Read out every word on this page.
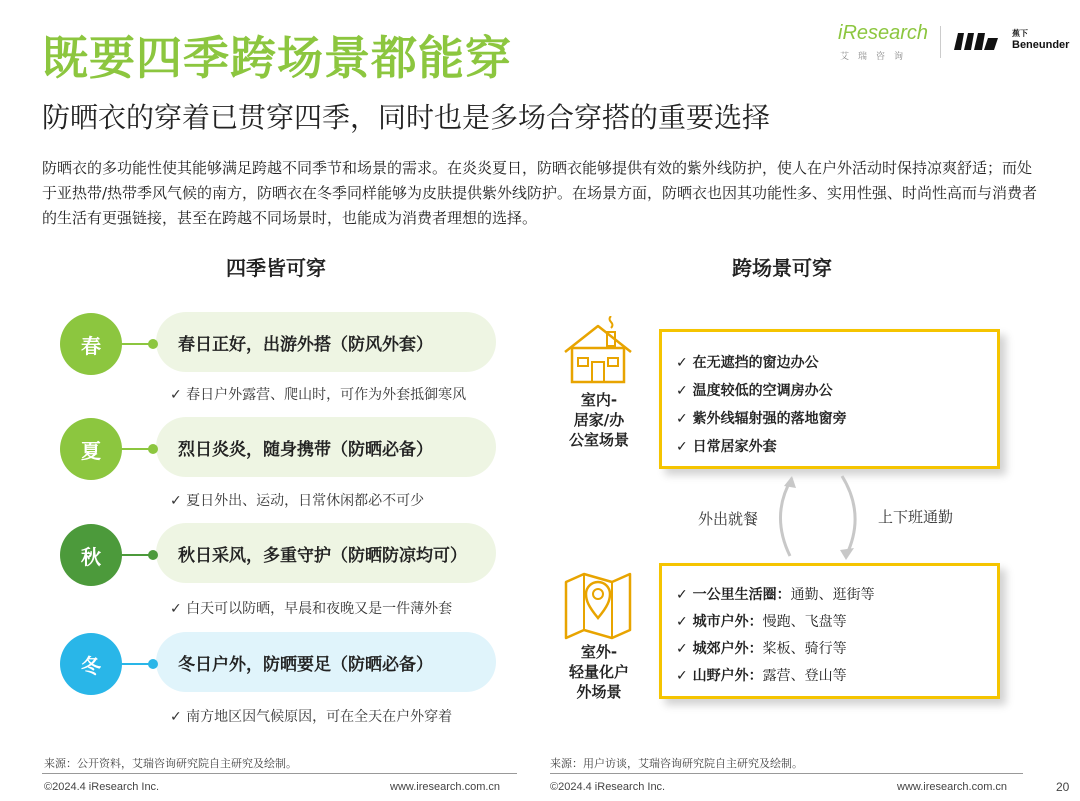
既要四季跨场景都能穿
防晒衣的穿着已贯穿四季，同时也是多场合穿搭的重要选择
防晒衣的多功能性使其能够满足跨越不同季节和场景的需求。在炎炎夏日，防晒衣能够提供有效的紫外线防护，使人在户外活动时保持凉爽舒适；而处于亚热带/热带季风气候的南方，防晒衣在冬季同样能够为皮肤提供紫外线防护。在场景方面，防晒衣也因其功能性多、实用性强、时尚性高而与消费者的生活有更强链接，甚至在跨越不同场景时，也能成为消费者理想的选择。
iResearch
艾瑞咨询
蕉下
Beneunder
四季皆可穿
春日正好，出游外搭（防风外套）
春
✓ 春日户外露营、爬山时，可作为外套抵御寒风
烈日炎炎，随身携带（防晒必备）
夏
✓ 夏日外出、运动，日常休闲都必不可少
秋日采风，多重守护（防晒防凉均可）
秋
✓ 白天可以防晒，早晨和夜晚又是一件薄外套
冬日户外，防晒要足（防晒必备）
冬
✓ 南方地区因气候原因，可在全天在户外穿着
跨场景可穿
室内-
居家/办
公室场景
✓ 在无遮挡的窗边办公
✓ 温度较低的空调房办公
✓ 紫外线辐射强的落地窗旁
✓ 日常居家外套
外出就餐	上下班通勤
室外-
轻量化户
外场景
✓ 一公里生活圈：通勤、逛街等
✓ 城市户外：慢跑、飞盘等
✓ 城郊户外：桨板、骑行等
✓ 山野户外：露营、登山等
来源：公开资料，艾瑞咨询研究院自主研究及绘制。	来源：用户访谈，艾瑞咨询研究院自主研究及绘制。
©2024.4 iResearch Inc.	www.iresearch.com.cn	©2024.4 iResearch Inc.	www.iresearch.com.cn	20
